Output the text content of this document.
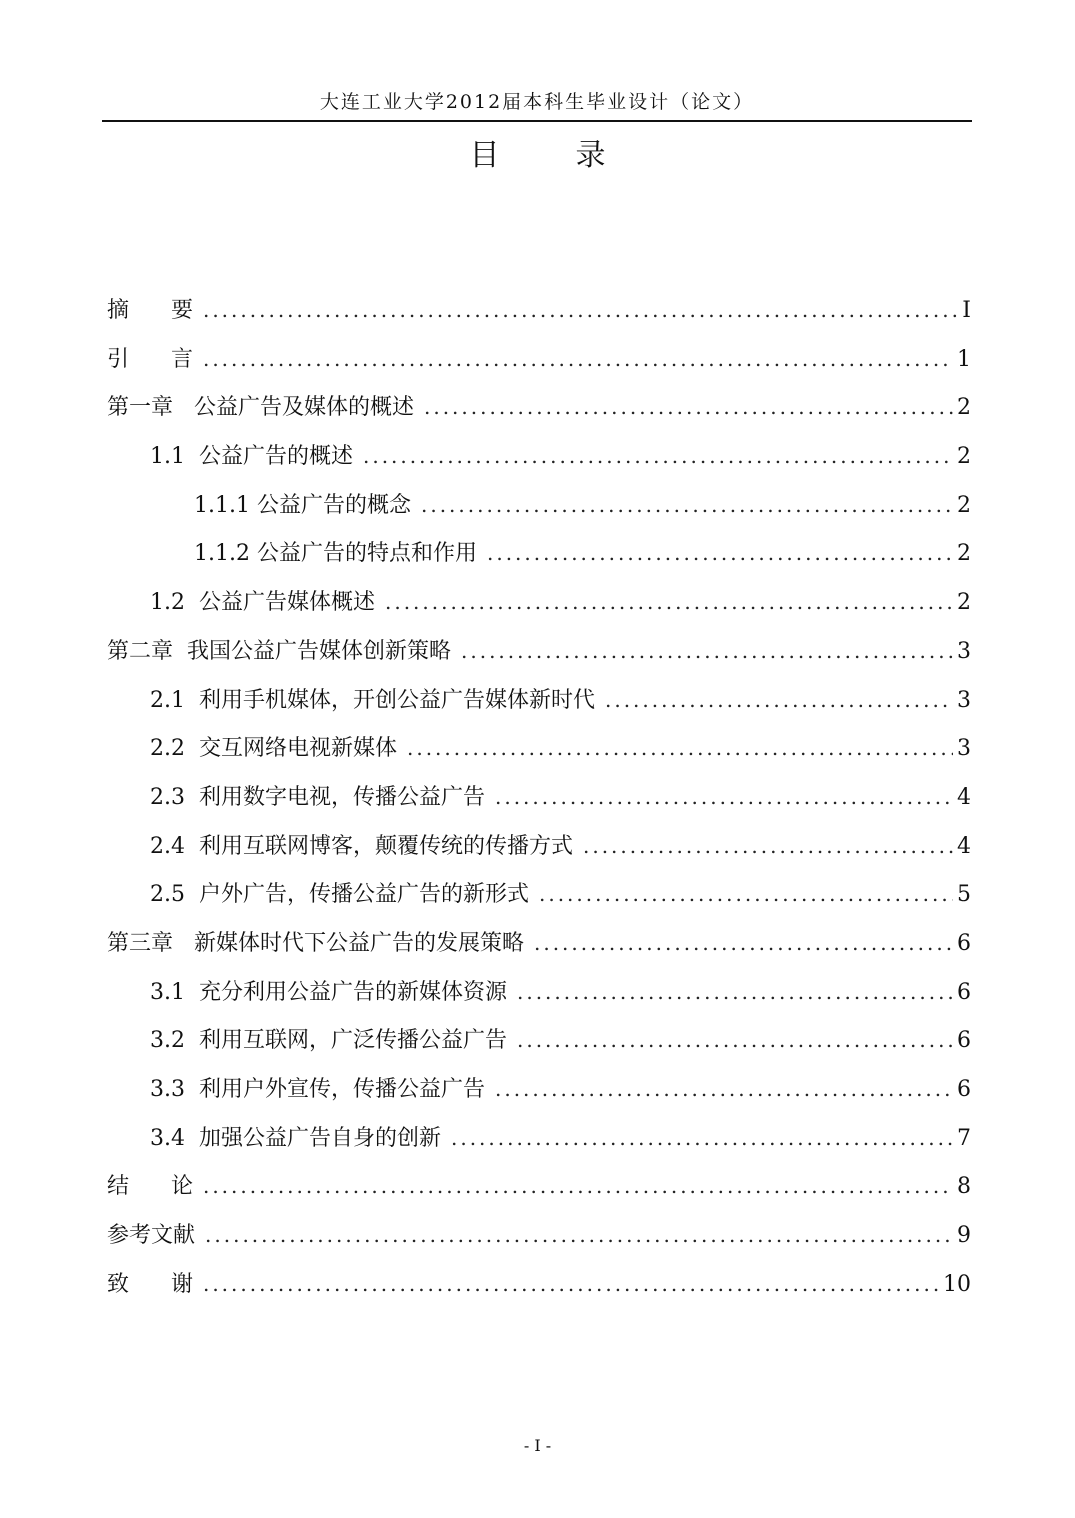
大连工业大学2012届本科生毕业设计（论文）
目	录
摘      要 .....	I
引      言 .....	1
第一章   公益广告及媒体的概述 .....	2
1.1  公益广告的概述 .....	2
1.1.1 公益广告的概念 .....	2
1.1.2 公益广告的特点和作用 .....	2
1.2  公益广告媒体概述 .....	2
第二章  我国公益广告媒体创新策略 .....	3
2.1  利用手机媒体，开创公益广告媒体新时代 .....	3
2.2  交互网络电视新媒体 .....	3
2.3  利用数字电视，传播公益广告 .....	4
2.4  利用互联网博客，颠覆传统的传播方式 .....	4
2.5  户外广告，传播公益广告的新形式 .....	5
第三章   新媒体时代下公益广告的发展策略 .....	6
3.1  充分利用公益广告的新媒体资源 .....	6
3.2  利用互联网，广泛传播公益广告 .....	6
3.3  利用户外宣传，传播公益广告 .....	6
3.4  加强公益广告自身的创新 .....	7
结      论 .....	8
参考文献 .....	9
致      谢 .....	10
- I -
